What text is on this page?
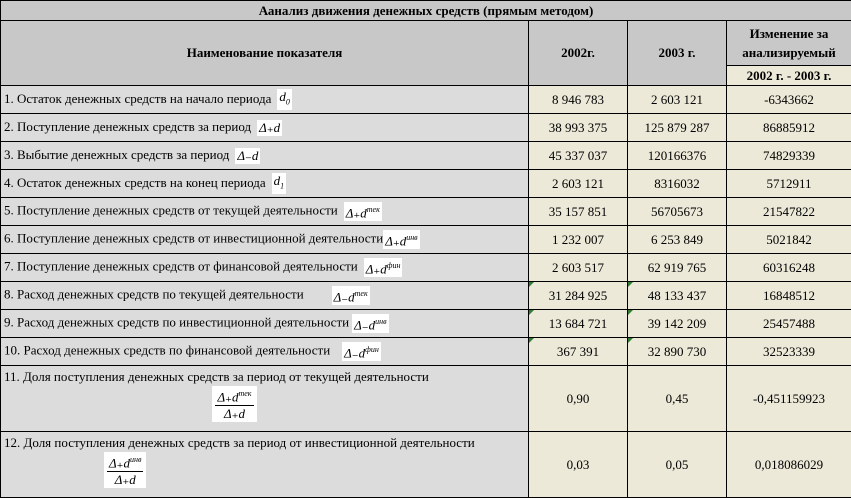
Аанализ движения денежных средств (прямым методом)			
Наименование показателя	2002г.	2003 г.	Изменение за анализируемый
			2002 г. - 2003 г.
1. Остаток денежных средств на начало периода $d_0$	8 946 783	2 603 121	-6343662
2. Поступление денежных средств за период Δ₊d	38 993 375	125 879 287	86885912
3. Выбытие денежных средств за период Δ₋d	45 337 037	120166376	74829339
4. Остаток денежных средств на конец периода $d_1$	2 603 121	8316032	5712911
5. Поступление денежных средств от текущей деятельности $\Delta_+d^{тек}$	35 157 851	56705673	21547822
6. Поступление денежных средств от инвестиционной деятельности $\Delta_+d^{инв}$	1 232 007	6 253 849	5021842
7. Поступление денежных средств от финансовой деятельности $\Delta_+d^{фин}$	2 603 517	62 919 765	60316248
8. Расход денежных средств по текущей деятельности $\Delta_-d^{тек}$	31 284 925	48 133 437	16848512
9. Расход денежных средств по инвестиционной деятельности $\Delta_-d^{инв}$	13 684 721	39 142 209	25457488
10. Расход денежных средств по финансовой деятельности $\Delta_-d^{фин}$	367 391	32 890 730	32523339

11. Доля поступления денежных средств за период от текущей деятельности
$\frac{\Delta_+d^{тек}}{\Delta_+d}$	0,90	0,45	-0,451159923

12. Доля поступления денежных средств за период от инвестиционной деятельности
$\frac{\Delta_+d^{инв}}{\Delta_+d}$	0,03	0,05	0,018086029
